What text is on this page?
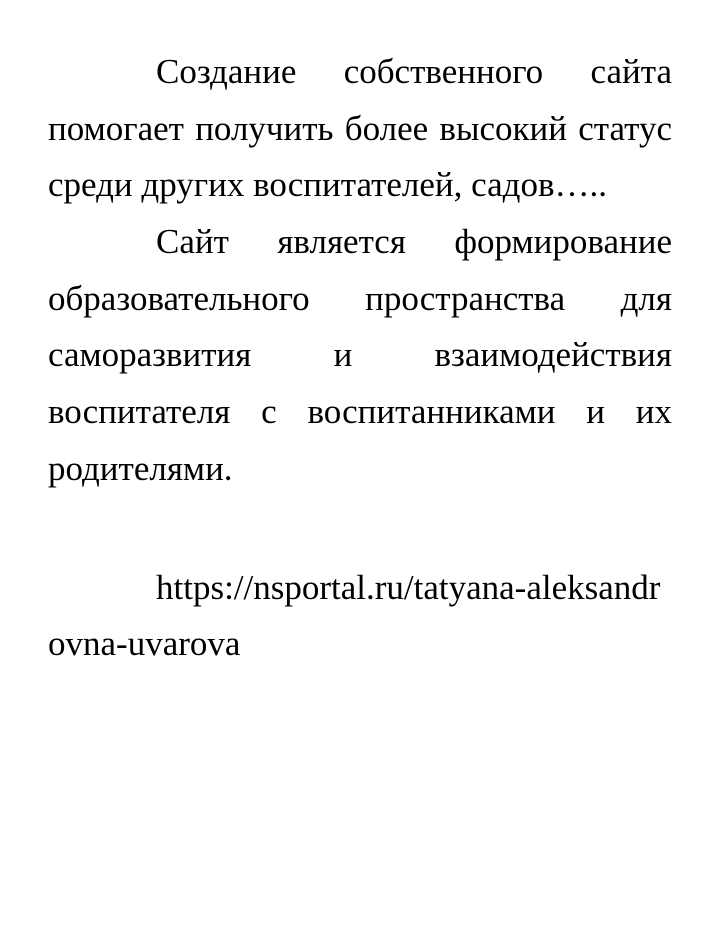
Создание собственного сайта помогает получить более высокий статус среди других воспитателей, садов…..

Сайт является формирование образовательного пространства для саморазвития и взаимодействия воспитателя с воспитанниками и их родителями.

https://nsportal.ru/tatyana-aleksandrovna-uvarova
